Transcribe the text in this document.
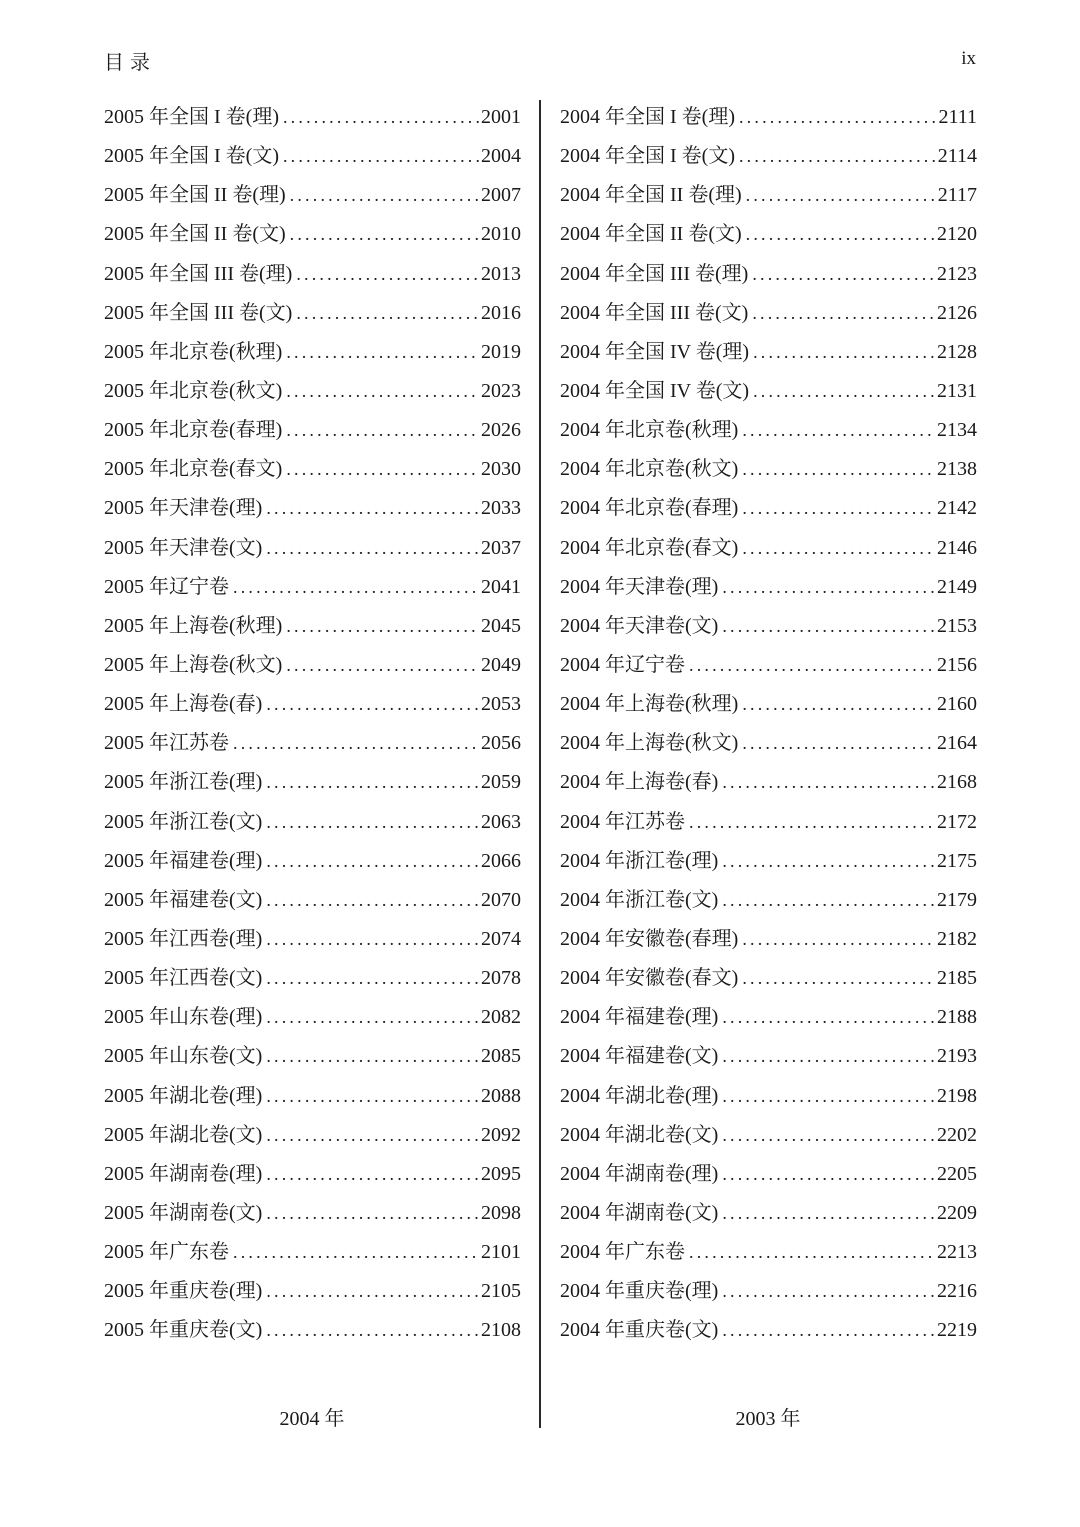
目录	ix
2005 年全国 I 卷(理) .....	2001
2005 年全国 I 卷(文) .....	2004
2005 年全国 II 卷(理) .....	2007
2005 年全国 II 卷(文) .....	2010
2005 年全国 III 卷(理) .....	2013
2005 年全国 III 卷(文) .....	2016
2005 年北京卷(秋理) .....	2019
2005 年北京卷(秋文) .....	2023
2005 年北京卷(春理) .....	2026
2005 年北京卷(春文) .....	2030
2005 年天津卷(理) .....	2033
2005 年天津卷(文) .....	2037
2005 年辽宁卷 .....	2041
2005 年上海卷(秋理) .....	2045
2005 年上海卷(秋文) .....	2049
2005 年上海卷(春) .....	2053
2005 年江苏卷 .....	2056
2005 年浙江卷(理) .....	2059
2005 年浙江卷(文) .....	2063
2005 年福建卷(理) .....	2066
2005 年福建卷(文) .....	2070
2005 年江西卷(理) .....	2074
2005 年江西卷(文) .....	2078
2005 年山东卷(理) .....	2082
2005 年山东卷(文) .....	2085
2005 年湖北卷(理) .....	2088
2005 年湖北卷(文) .....	2092
2005 年湖南卷(理) .....	2095
2005 年湖南卷(文) .....	2098
2005 年广东卷 .....	2101
2005 年重庆卷(理) .....	2105
2005 年重庆卷(文) .....	2108
2004 年全国 I 卷(理) .....	2111
2004 年全国 I 卷(文) .....	2114
2004 年全国 II 卷(理) .....	2117
2004 年全国 II 卷(文) .....	2120
2004 年全国 III 卷(理) .....	2123
2004 年全国 III 卷(文) .....	2126
2004 年全国 IV 卷(理) .....	2128
2004 年全国 IV 卷(文) .....	2131
2004 年北京卷(秋理) .....	2134
2004 年北京卷(秋文) .....	2138
2004 年北京卷(春理) .....	2142
2004 年北京卷(春文) .....	2146
2004 年天津卷(理) .....	2149
2004 年天津卷(文) .....	2153
2004 年辽宁卷 .....	2156
2004 年上海卷(秋理) .....	2160
2004 年上海卷(秋文) .....	2164
2004 年上海卷(春) .....	2168
2004 年江苏卷 .....	2172
2004 年浙江卷(理) .....	2175
2004 年浙江卷(文) .....	2179
2004 年安徽卷(春理) .....	2182
2004 年安徽卷(春文) .....	2185
2004 年福建卷(理) .....	2188
2004 年福建卷(文) .....	2193
2004 年湖北卷(理) .....	2198
2004 年湖北卷(文) .....	2202
2004 年湖南卷(理) .....	2205
2004 年湖南卷(文) .....	2209
2004 年广东卷 .....	2213
2004 年重庆卷(理) .....	2216
2004 年重庆卷(文) .....	2219
2004 年	2003 年
